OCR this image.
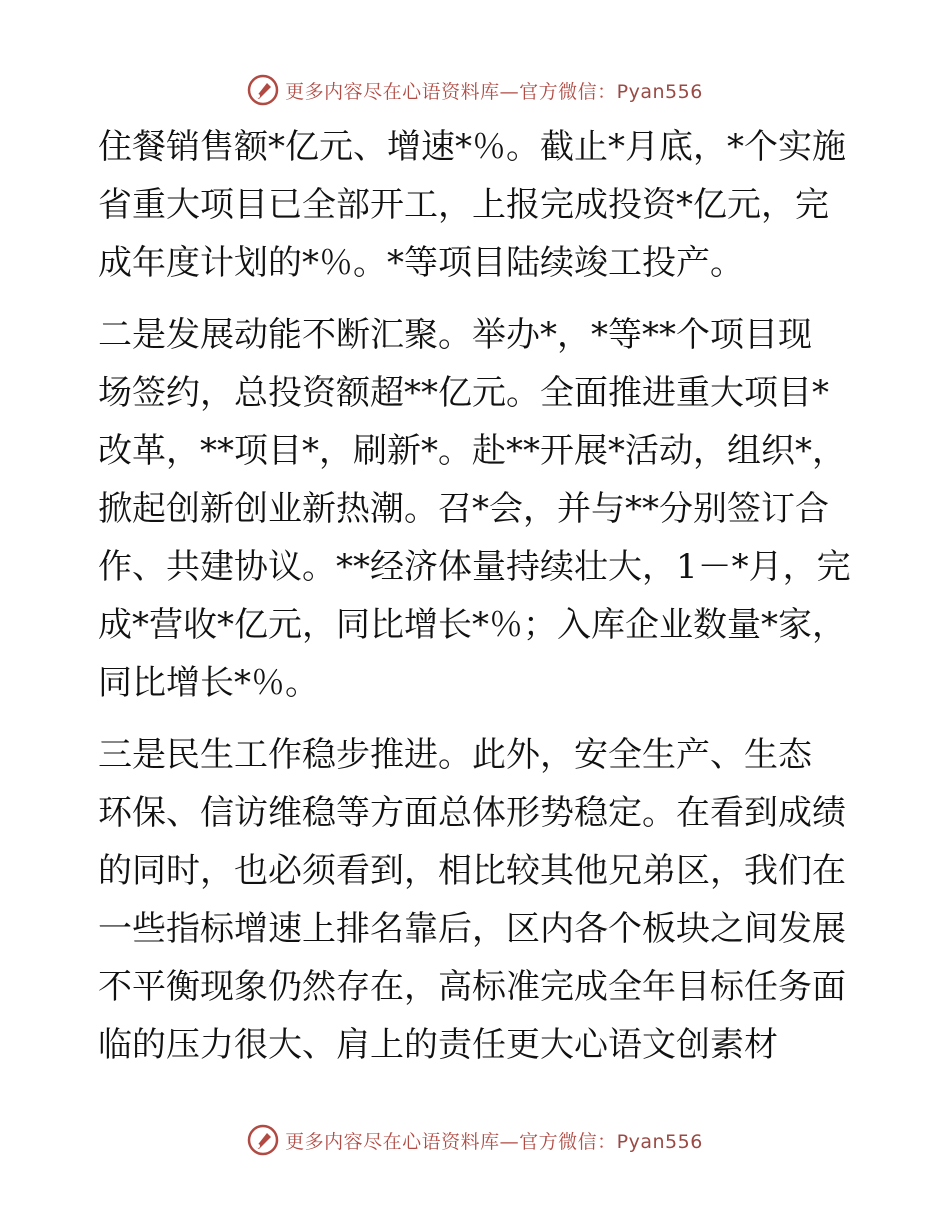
更多内容尽在心语资料库—官方微信：Pyan556
住餐销售额*亿元、增速*％。截止*月底，*个实施
省重大项目已全部开工，上报完成投资*亿元，完
成年度计划的*％。*等项目陆续竣工投产。
二是发展动能不断汇聚。举办*，*等**个项目现
场签约，总投资额超**亿元。全面推进重大项目*
改革，**项目*，刷新*。赴**开展*活动，组织*，
掀起创新创业新热潮。召*会，并与**分别签订合
作、共建协议。**经济体量持续壮大，1－*月，完
成*营收*亿元，同比增长*％；入库企业数量*家，
同比增长*％。
三是民生工作稳步推进。此外，安全生产、生态
环保、信访维稳等方面总体形势稳定。在看到成绩
的同时，也必须看到，相比较其他兄弟区，我们在
一些指标增速上排名靠后，区内各个板块之间发展
不平衡现象仍然存在，高标准完成全年目标任务面
临的压力很大、肩上的责任更大心语文创素材
更多内容尽在心语资料库—官方微信：Pyan556
